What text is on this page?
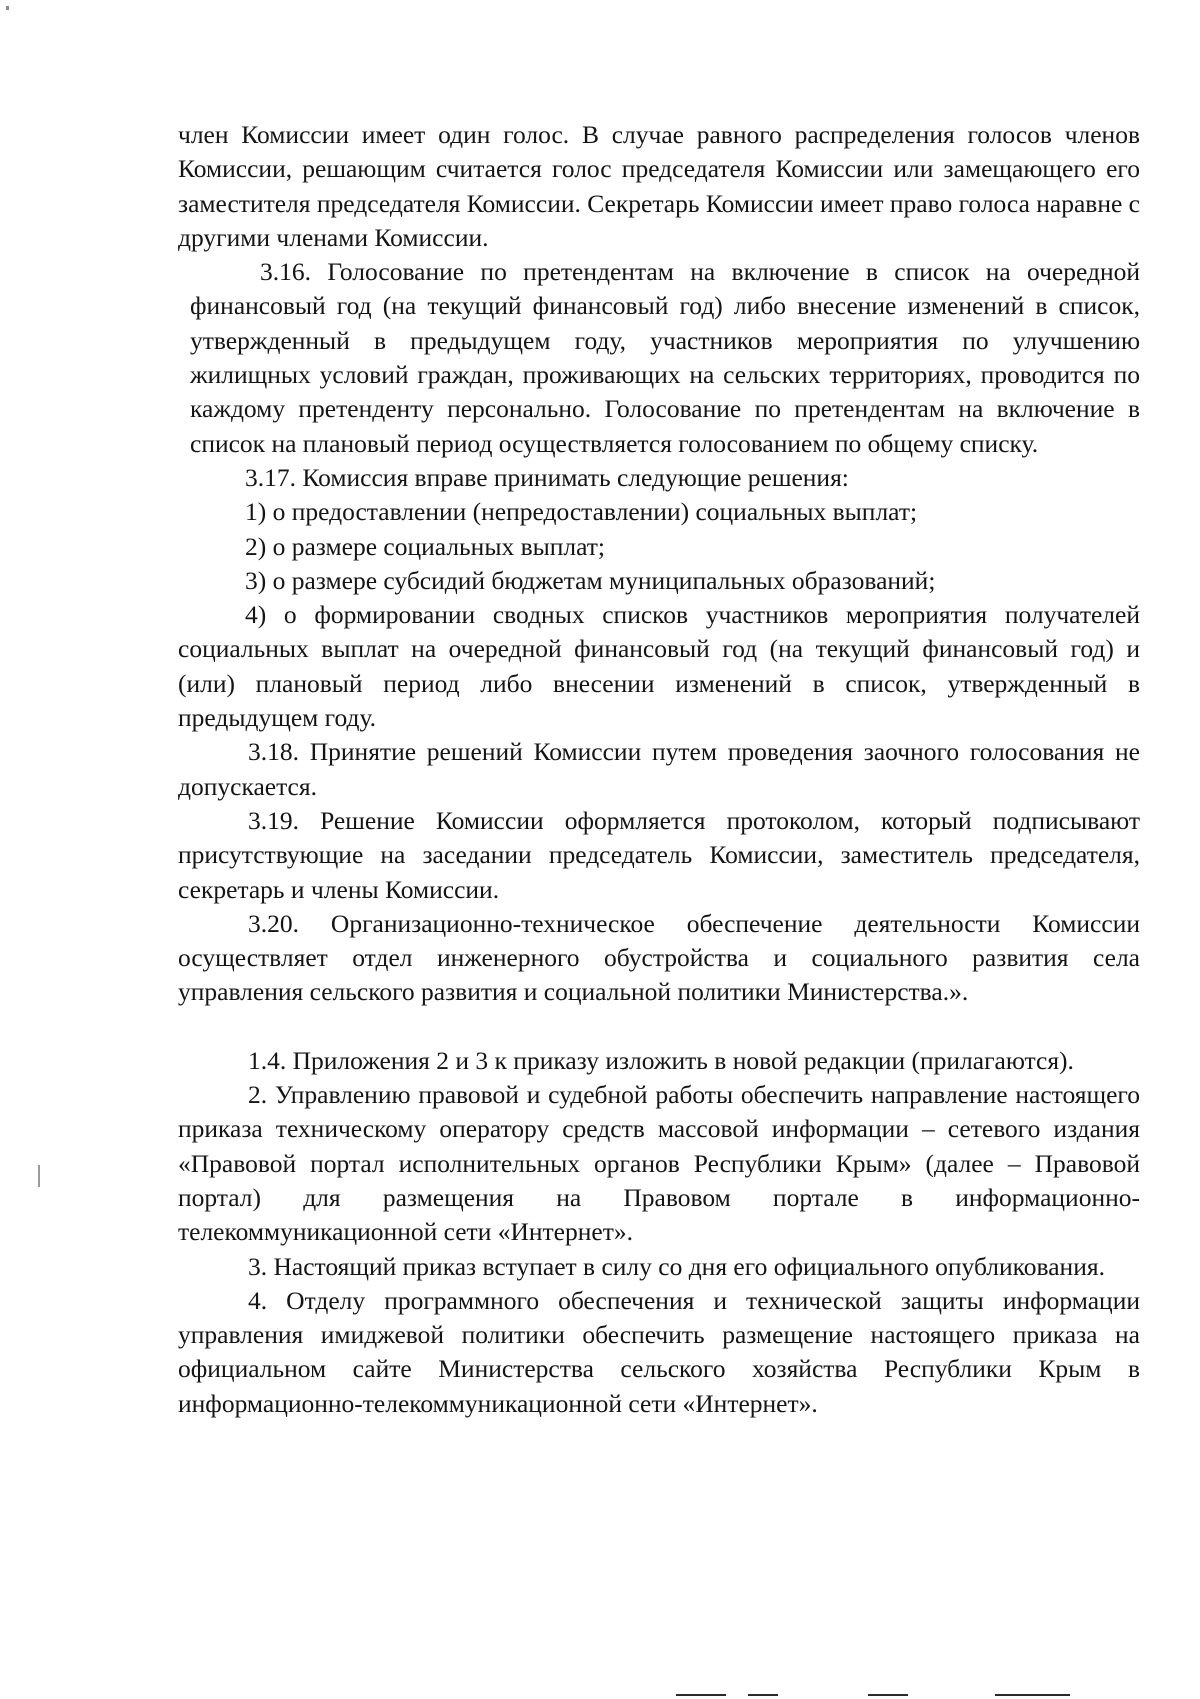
член Комиссии имеет один голос. В случае равного распределения голосов членов Комиссии, решающим считается голос председателя Комиссии или замещающего его заместителя председателя Комиссии. Секретарь Комиссии имеет право голоса наравне с другими членами Комиссии.

3.16. Голосование по претендентам на включение в список на очередной финансовый год (на текущий финансовый год) либо внесение изменений в список, утвержденный в предыдущем году, участников мероприятия по улучшению жилищных условий граждан, проживающих на сельских территориях, проводится по каждому претенденту персонально. Голосование по претендентам на включение в список на плановый период осуществляется голосованием по общему списку.

3.17. Комиссия вправе принимать следующие решения:

1) о предоставлении (непредоставлении) социальных выплат;

2) о размере социальных выплат;

3) о размере субсидий бюджетам муниципальных образований;

4) о формировании сводных списков участников мероприятия получателей социальных выплат на очередной финансовый год (на текущий финансовый год) и (или) плановый период либо внесении изменений в список, утвержденный в предыдущем году.

3.18. Принятие решений Комиссии путем проведения заочного голосования не допускается.

3.19. Решение Комиссии оформляется протоколом, который подписывают присутствующие на заседании председатель Комиссии, заместитель председателя, секретарь и члены Комиссии.

3.20. Организационно-техническое обеспечение деятельности Комиссии осуществляет отдел инженерного обустройства и социального развития села управления сельского развития и социальной политики Министерства.».

1.4. Приложения 2 и 3 к приказу изложить в новой редакции (прилагаются).

2. Управлению правовой и судебной работы обеспечить направление настоящего приказа техническому оператору средств массовой информации – сетевого издания «Правовой портал исполнительных органов Республики Крым» (далее – Правовой портал) для размещения на Правовом портале в информационно-телекоммуникационной сети «Интернет».

3. Настоящий приказ вступает в силу со дня его официального опубликования.

4. Отделу программного обеспечения и технической защиты информации управления имиджевой политики обеспечить размещение настоящего приказа на официальном сайте Министерства сельского хозяйства Республики Крым в информационно-телекоммуникационной сети «Интернет».
